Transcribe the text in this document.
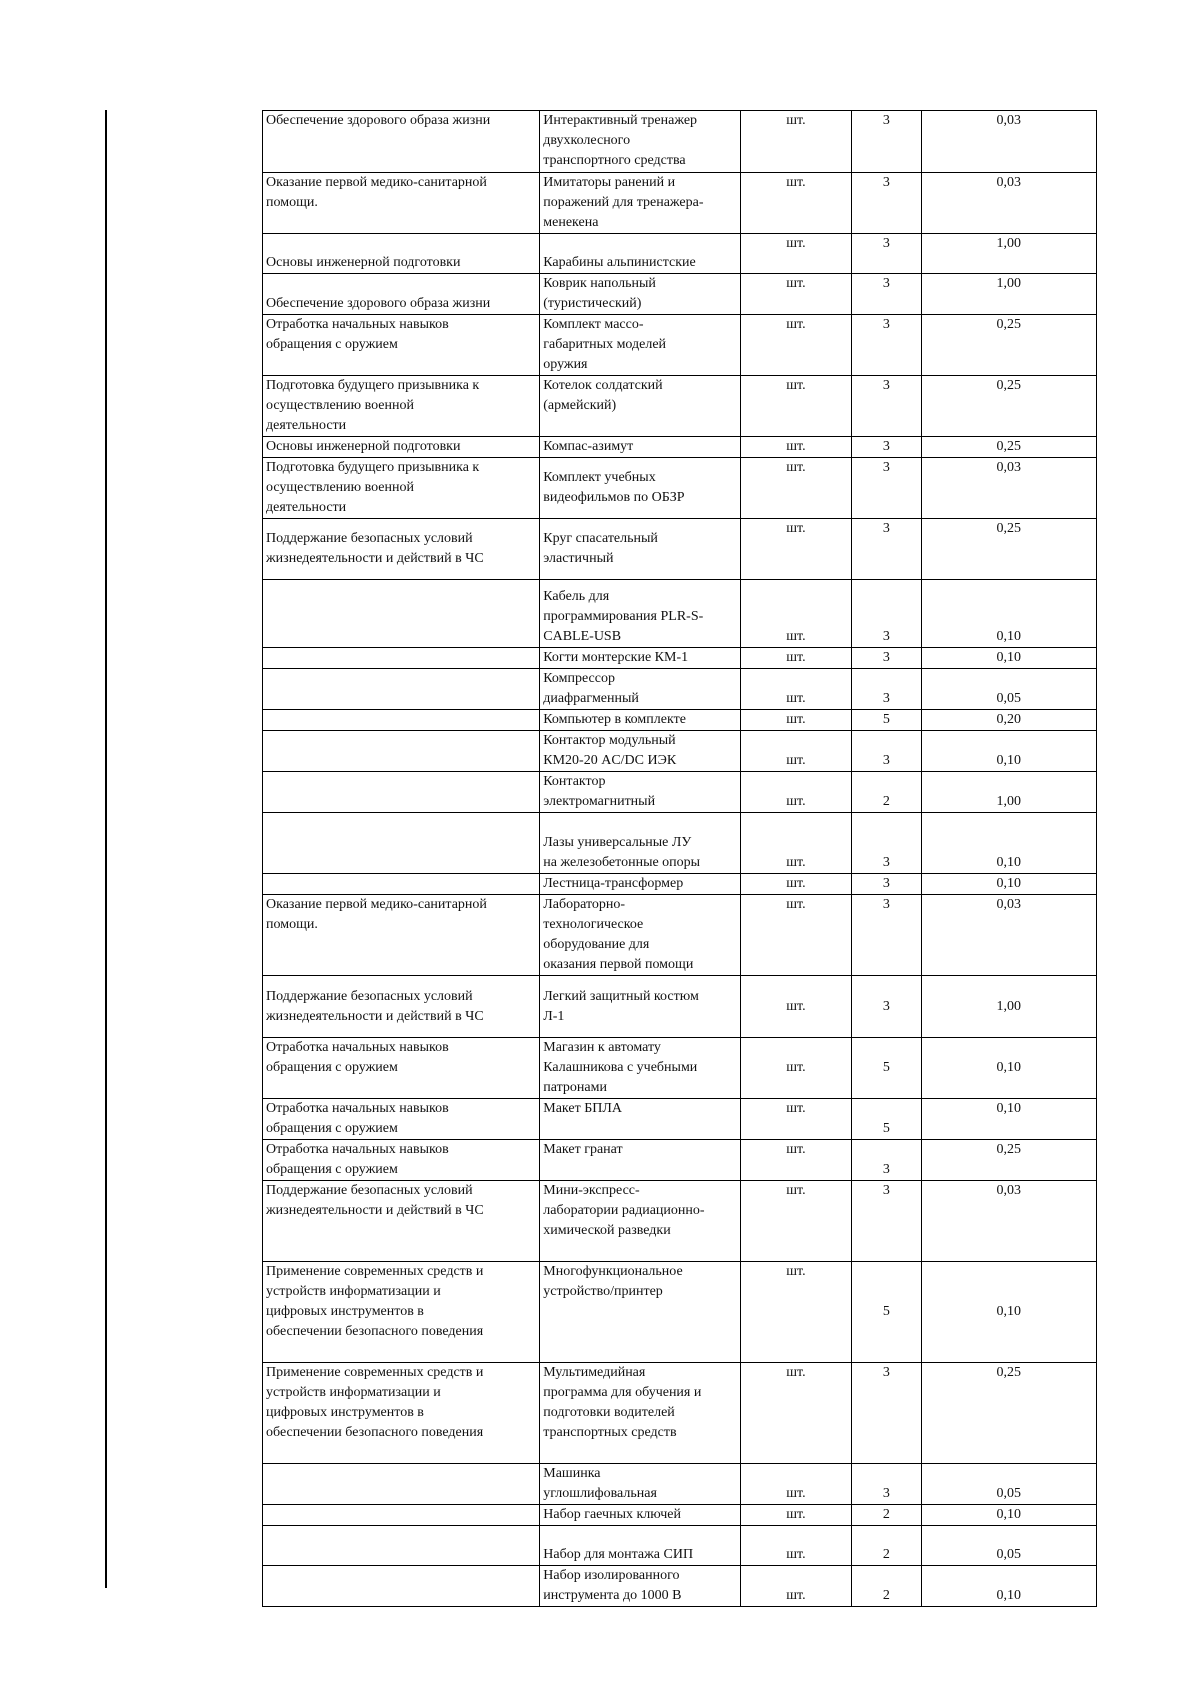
Обеспечение здорового образа жизни	Интерактивный тренажер
двухколесного
транспортного средства	шт.	3	0,03

Оказание первой медико-санитарной
помощи.	Имитаторы ранений и
поражений для тренажера-
менекена	шт.	3	0,03

Основы инженерной подготовки	Карабины альпинистские	шт.	3	1,00

Обеспечение здорового образа жизни	Коврик напольный
(туристический)	шт.	3	1,00

Отработка начальных навыков
обращения с оружием	Комплект массо-
габаритных моделей
оружия	шт.	3	0,25

Подготовка будущего призывника к
осуществлению военной
деятельности	Котелок солдатский
(армейский)	шт.	3	0,25

Основы инженерной подготовки	Компас-азимут	шт.	3	0,25

Подготовка будущего призывника к
осуществлению военной
деятельности	Комплект учебных
видеофильмов по ОБЗР	шт.	3	0,03

Поддержание безопасных условий
жизнедеятельности и действий в ЧС	Круг спасательный
эластичный	шт.	3	0,25

	Кабель для
программирования PLR-S-
CABLE-USB	шт.	3	0,10

	Когти монтерские КМ-1	шт.	3	0,10

	Компрессор
диафрагменный	шт.	3	0,05

	Компьютер в комплекте	шт.	5	0,20

	Контактор модульный
КМ20-20 AC/DC ИЭК	шт.	3	0,10

	Контактор
электромагнитный	шт.	2	1,00

	Лазы универсальные ЛУ
на железобетонные опоры	шт.	3	0,10

	Лестница-трансформер	шт.	3	0,10

Оказание первой медико-санитарной
помощи.	Лабораторно-
технологическое
оборудование для
оказания первой помощи	шт.	3	0,03

Поддержание безопасных условий
жизнедеятельности и действий в ЧС	Легкий защитный костюм
Л-1	шт.	3	1,00

Отработка начальных навыков
обращения с оружием	Магазин к автомату
Калашникова с учебными
патронами	шт.	5	0,10

Отработка начальных навыков
обращения с оружием	Макет БПЛА	шт.	5	0,10

Отработка начальных навыков
обращения с оружием	Макет гранат	шт.	3	0,25

Поддержание безопасных условий
жизнедеятельности и действий в ЧС	Мини-экспресс-
лаборатории радиационно-
химической разведки	шт.	3	0,03

Применение современных средств и
устройств информатизации и
цифровых инструментов в
обеспечении безопасного поведения	Многофункциональное
устройство/принтер	шт.	5	0,10

Применение современных средств и
устройств информатизации и
цифровых инструментов в
обеспечении безопасного поведения	Мультимедийная
программа для обучения и
подготовки водителей
транспортных средств	шт.	3	0,25

	Машинка
углошлифовальная	шт.	3	0,05

	Набор гаечных ключей	шт.	2	0,10

	Набор для монтажа СИП	шт.	2	0,05

	Набор изолированного
инструмента до 1000 В	шт.	2	0,10
